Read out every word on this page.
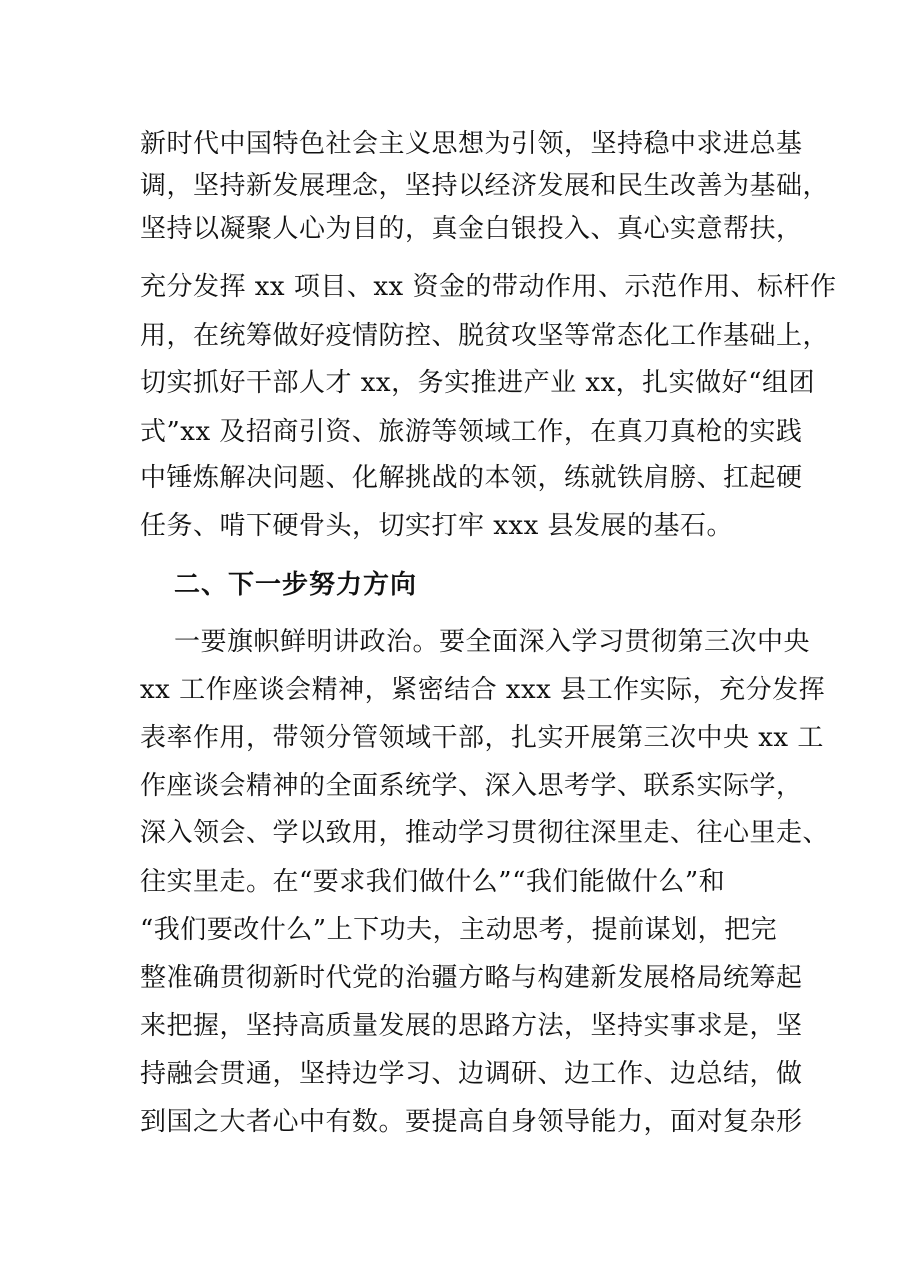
新时代中国特色社会主义思想为引领，坚持稳中求进总基
调，坚持新发展理念，坚持以经济发展和民生改善为基础，
坚持以凝聚人心为目的，真金白银投入、真心实意帮扶，
充分发挥 xx 项目、xx 资金的带动作用、示范作用、标杆作
用，在统筹做好疫情防控、脱贫攻坚等常态化工作基础上，
切实抓好干部人才 xx，务实推进产业 xx，扎实做好“组团
式”xx 及招商引资、旅游等领域工作，在真刀真枪的实践
中锤炼解决问题、化解挑战的本领，练就铁肩膀、扛起硬
任务、啃下硬骨头，切实打牢 xxx 县发展的基石。
二、下一步努力方向
一要旗帜鲜明讲政治。要全面深入学习贯彻第三次中央
xx 工作座谈会精神，紧密结合 xxx 县工作实际，充分发挥
表率作用，带领分管领域干部，扎实开展第三次中央 xx 工
作座谈会精神的全面系统学、深入思考学、联系实际学，
深入领会、学以致用，推动学习贯彻往深里走、往心里走、
往实里走。在“要求我们做什么”“我们能做什么”和
“我们要改什么”上下功夫，主动思考，提前谋划，把完
整准确贯彻新时代党的治疆方略与构建新发展格局统筹起
来把握，坚持高质量发展的思路方法，坚持实事求是，坚
持融会贯通，坚持边学习、边调研、边工作、边总结，做
到国之大者心中有数。要提高自身领导能力，面对复杂形
